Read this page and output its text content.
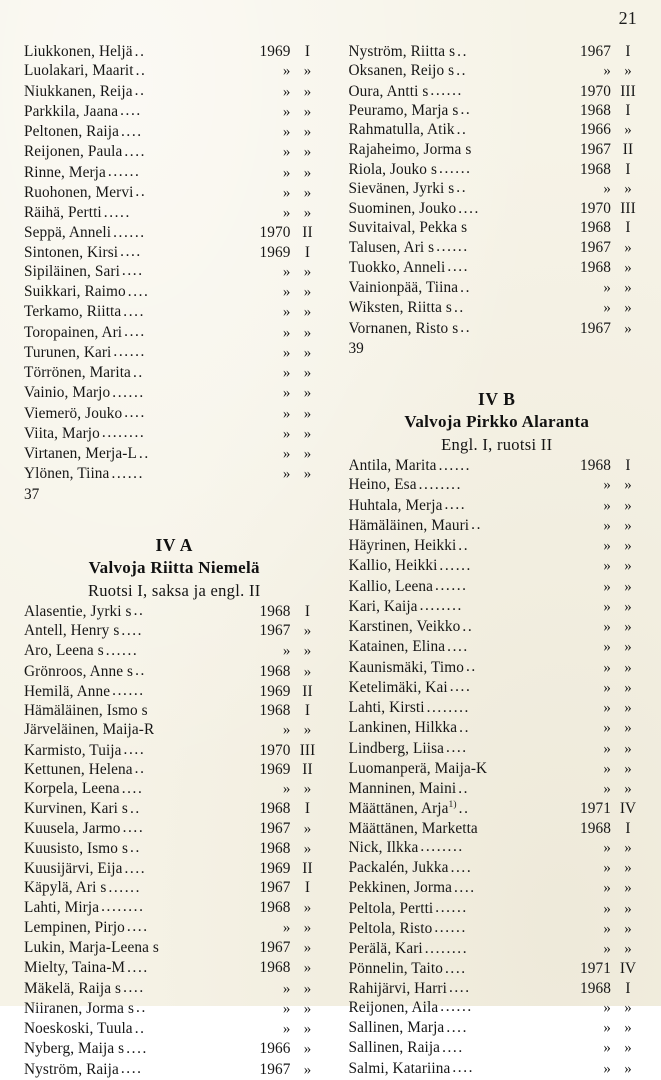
21
Liukkonen, Heljä ..	1969 I
Luolakari, Maarit ..	» »
Niukkanen, Reija ..	» »
Parkkila, Jaana ....	» »
Peltonen, Raija ....	» »
Reijonen, Paula ....	» »
Rinne, Merja ......	» »
Ruohonen, Mervi ..	» »
Räihä, Pertti .....	» »
Seppä, Anneli ......	1970 II
Sintonen, Kirsi ....	1969 I
Sipiläinen, Sari ....	» »
Suikkari, Raimo ....	» »
Terkamo, Riitta ....	» »
Toropainen, Ari ....	» »
Turunen, Kari ......	» »
Törrönen, Marita ..	» »
Vainio, Marjo ......	» »
Viemerö, Jouko ....	» »
Viita, Marjo ........	» »
Virtanen, Merja-L ..	» »
Ylönen, Tiina ......	» »
37
IV A
Valvoja Riitta Niemelä
Ruotsi I, saksa ja engl. II
Alasentie, Jyrki s ..	1968 I
Antell, Henry s ....	1967 »
Aro, Leena s ......	» »
Grönroos, Anne s ..	1968 »
Hemilä, Anne ......	1969 II
Hämäläinen, Ismo s	1968 I
Järveläinen, Maija-R	» »
Karmisto, Tuija ....	1970 III
Kettunen, Helena ..	1969 II
Korpela, Leena ....	» »
Kurvinen, Kari s ..	1968 I
Kuusela, Jarmo ....	1967 »
Kuusisto, Ismo s ..	1968 »
Kuusijärvi, Eija ....	1969 II
Käpylä, Ari s ......	1967 I
Lahti, Mirja ........	1968 »
Lempinen, Pirjo ....	» »
Lukin, Marja-Leena s	1967 »
Mielty, Taina-M ....	1968 »
Mäkelä, Raija s ....	» »
Niiranen, Jorma s ..	» »
Noeskoski, Tuula ..	» »
Nyberg, Maija s ....	1966 »
Nyström, Raija ....	1967 »
Nyström, Riitta s ..	1967 I
Oksanen, Reijo s ..	» »
Oura, Antti s ......	1970 III
Peuramo, Marja s ..	1968 I
Rahmatulla, Atik ..	1966 »
Rajaheimo, Jorma s	1967 II
Riola, Jouko s ......	1968 I
Sievänen, Jyrki s ..	» »
Suominen, Jouko ....	1970 III
Suvitaival, Pekka s	1968 I
Talusen, Ari s ......	1967 »
Tuokko, Anneli ....	1968 »
Vainionpää, Tiina ..	» »
Wiksten, Riitta s ..	» »
Vornanen, Risto s ..	1967 »
39
IV B
Valvoja Pirkko Alaranta
Engl. I, ruotsi II
Antila, Marita ......	1968 I
Heino, Esa ........	» »
Huhtala, Merja ....	» »
Hämäläinen, Mauri ..	» »
Häyrinen, Heikki ..	» »
Kallio, Heikki ......	» »
Kallio, Leena ......	» »
Kari, Kaija ........	» »
Karstinen, Veikko ..	» »
Katainen, Elina ....	» »
Kaunismäki, Timo ..	» »
Ketelimäki, Kai ....	» »
Lahti, Kirsti ........	» »
Lankinen, Hilkka ..	» »
Lindberg, Liisa ....	» »
Luomanperä, Maija-K	» »
Manninen, Maini ..	» »
Määttänen, Arja$^{1)}$ ..	1971 IV
Määttänen, Marketta	1968 I
Nick, Ilkka ........	» »
Packalén, Jukka ....	» »
Pekkinen, Jorma ....	» »
Peltola, Pertti ......	» »
Peltola, Risto ......	» »
Perälä, Kari ........	» »
Pönnelin, Taito ....	1971 IV
Rahijärvi, Harri ....	1968 I
Reijonen, Aila ......	» »
Sallinen, Marja ....	» »
Sallinen, Raija ....	» »
Salmi, Katariina ....	» »
